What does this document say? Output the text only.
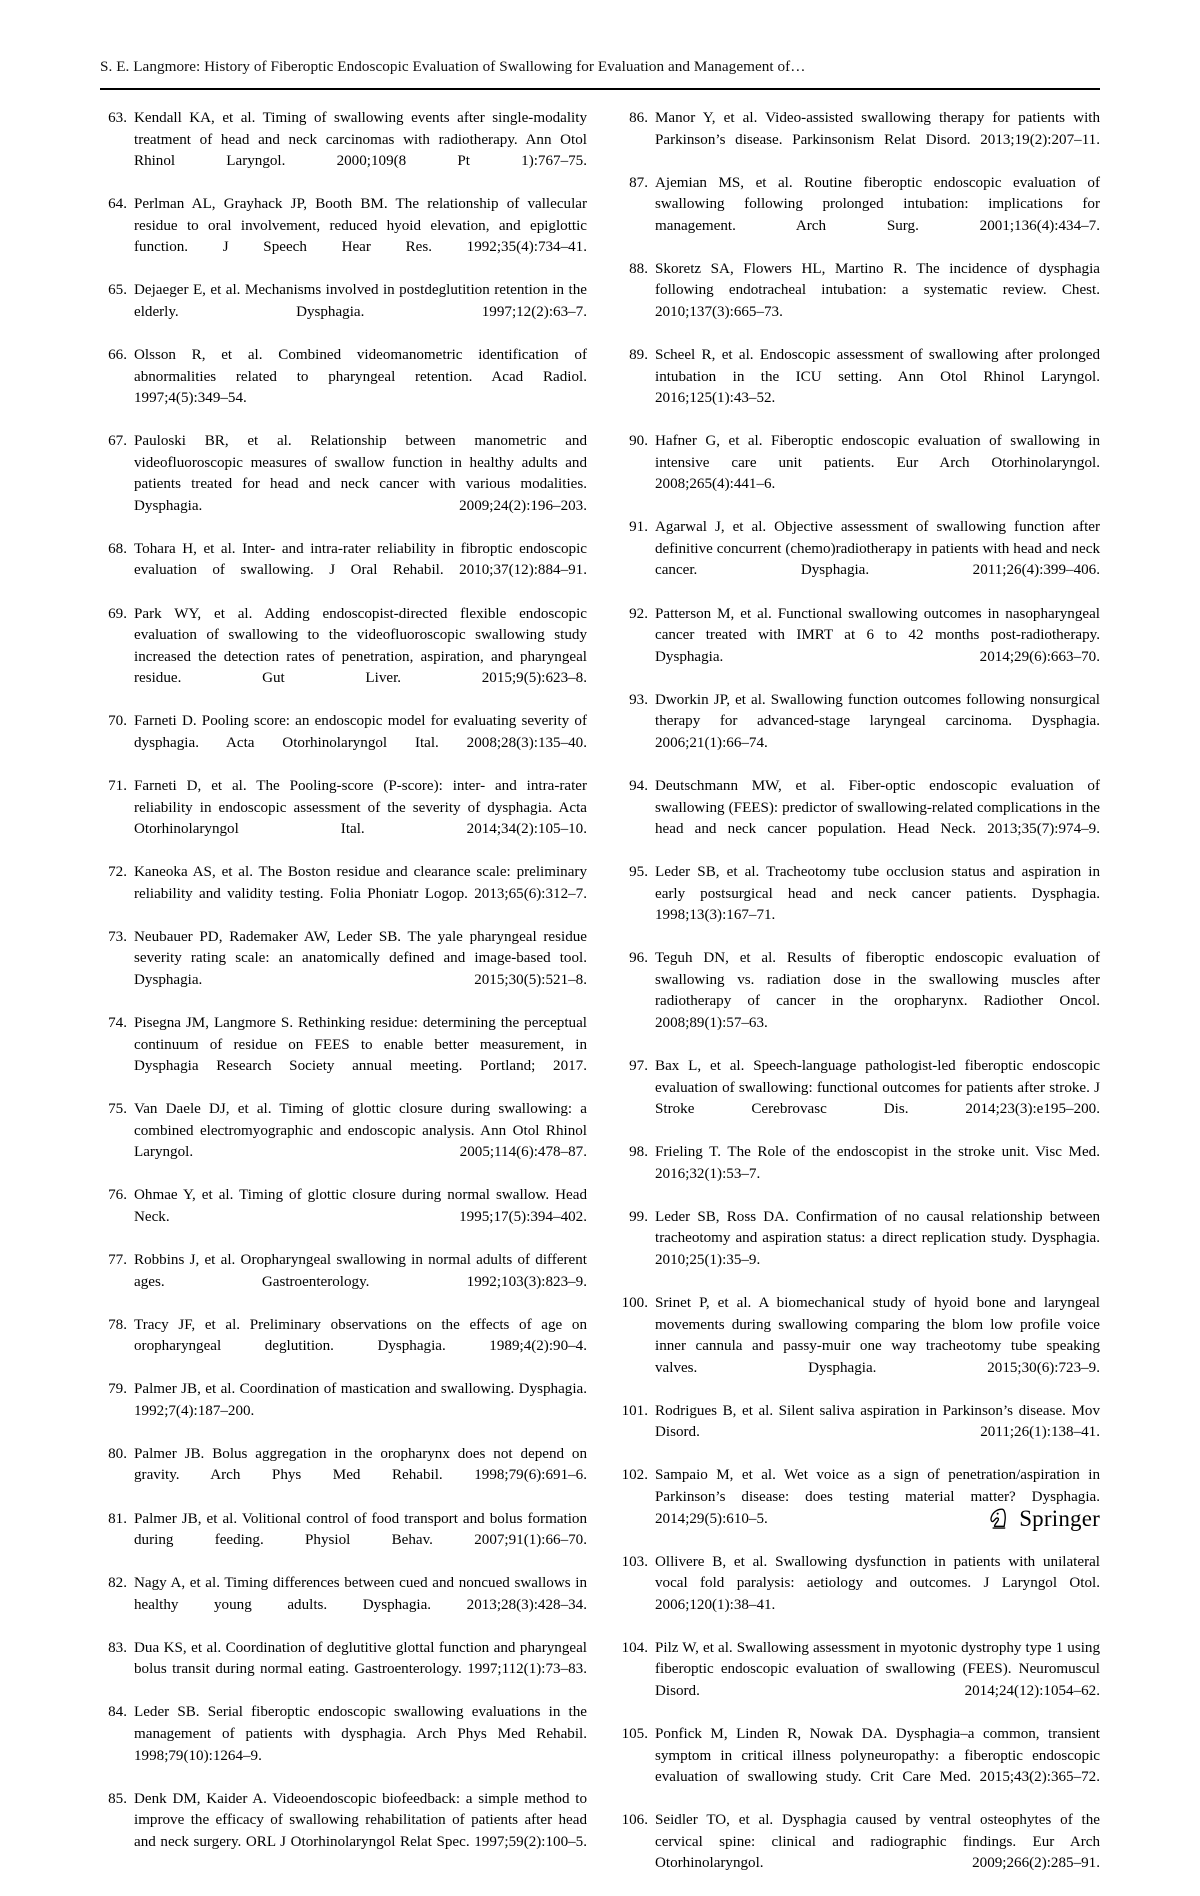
S. E. Langmore: History of Fiberoptic Endoscopic Evaluation of Swallowing for Evaluation and Management of…
63. Kendall KA, et al. Timing of swallowing events after single-modality treatment of head and neck carcinomas with radiotherapy. Ann Otol Rhinol Laryngol. 2000;109(8 Pt 1):767–75.
64. Perlman AL, Grayhack JP, Booth BM. The relationship of vallecular residue to oral involvement, reduced hyoid elevation, and epiglottic function. J Speech Hear Res. 1992;35(4):734–41.
65. Dejaeger E, et al. Mechanisms involved in postdeglutition retention in the elderly. Dysphagia. 1997;12(2):63–7.
66. Olsson R, et al. Combined videomanometric identification of abnormalities related to pharyngeal retention. Acad Radiol. 1997;4(5):349–54.
67. Pauloski BR, et al. Relationship between manometric and videofluoroscopic measures of swallow function in healthy adults and patients treated for head and neck cancer with various modalities. Dysphagia. 2009;24(2):196–203.
68. Tohara H, et al. Inter- and intra-rater reliability in fibroptic endoscopic evaluation of swallowing. J Oral Rehabil. 2010;37(12):884–91.
69. Park WY, et al. Adding endoscopist-directed flexible endoscopic evaluation of swallowing to the videofluoroscopic swallowing study increased the detection rates of penetration, aspiration, and pharyngeal residue. Gut Liver. 2015;9(5):623–8.
70. Farneti D. Pooling score: an endoscopic model for evaluating severity of dysphagia. Acta Otorhinolaryngol Ital. 2008;28(3):135–40.
71. Farneti D, et al. The Pooling-score (P-score): inter- and intra-rater reliability in endoscopic assessment of the severity of dysphagia. Acta Otorhinolaryngol Ital. 2014;34(2):105–10.
72. Kaneoka AS, et al. The Boston residue and clearance scale: preliminary reliability and validity testing. Folia Phoniatr Logop. 2013;65(6):312–7.
73. Neubauer PD, Rademaker AW, Leder SB. The yale pharyngeal residue severity rating scale: an anatomically defined and image-based tool. Dysphagia. 2015;30(5):521–8.
74. Pisegna JM, Langmore S. Rethinking residue: determining the perceptual continuum of residue on FEES to enable better measurement, in Dysphagia Research Society annual meeting. Portland; 2017.
75. Van Daele DJ, et al. Timing of glottic closure during swallowing: a combined electromyographic and endoscopic analysis. Ann Otol Rhinol Laryngol. 2005;114(6):478–87.
76. Ohmae Y, et al. Timing of glottic closure during normal swallow. Head Neck. 1995;17(5):394–402.
77. Robbins J, et al. Oropharyngeal swallowing in normal adults of different ages. Gastroenterology. 1992;103(3):823–9.
78. Tracy JF, et al. Preliminary observations on the effects of age on oropharyngeal deglutition. Dysphagia. 1989;4(2):90–4.
79. Palmer JB, et al. Coordination of mastication and swallowing. Dysphagia. 1992;7(4):187–200.
80. Palmer JB. Bolus aggregation in the oropharynx does not depend on gravity. Arch Phys Med Rehabil. 1998;79(6):691–6.
81. Palmer JB, et al. Volitional control of food transport and bolus formation during feeding. Physiol Behav. 2007;91(1):66–70.
82. Nagy A, et al. Timing differences between cued and noncued swallows in healthy young adults. Dysphagia. 2013;28(3):428–34.
83. Dua KS, et al. Coordination of deglutitive glottal function and pharyngeal bolus transit during normal eating. Gastroenterology. 1997;112(1):73–83.
84. Leder SB. Serial fiberoptic endoscopic swallowing evaluations in the management of patients with dysphagia. Arch Phys Med Rehabil. 1998;79(10):1264–9.
85. Denk DM, Kaider A. Videoendoscopic biofeedback: a simple method to improve the efficacy of swallowing rehabilitation of patients after head and neck surgery. ORL J Otorhinolaryngol Relat Spec. 1997;59(2):100–5.
86. Manor Y, et al. Video-assisted swallowing therapy for patients with Parkinson’s disease. Parkinsonism Relat Disord. 2013;19(2):207–11.
87. Ajemian MS, et al. Routine fiberoptic endoscopic evaluation of swallowing following prolonged intubation: implications for management. Arch Surg. 2001;136(4):434–7.
88. Skoretz SA, Flowers HL, Martino R. The incidence of dysphagia following endotracheal intubation: a systematic review. Chest. 2010;137(3):665–73.
89. Scheel R, et al. Endoscopic assessment of swallowing after prolonged intubation in the ICU setting. Ann Otol Rhinol Laryngol. 2016;125(1):43–52.
90. Hafner G, et al. Fiberoptic endoscopic evaluation of swallowing in intensive care unit patients. Eur Arch Otorhinolaryngol. 2008;265(4):441–6.
91. Agarwal J, et al. Objective assessment of swallowing function after definitive concurrent (chemo)radiotherapy in patients with head and neck cancer. Dysphagia. 2011;26(4):399–406.
92. Patterson M, et al. Functional swallowing outcomes in nasopharyngeal cancer treated with IMRT at 6 to 42 months post-radiotherapy. Dysphagia. 2014;29(6):663–70.
93. Dworkin JP, et al. Swallowing function outcomes following nonsurgical therapy for advanced-stage laryngeal carcinoma. Dysphagia. 2006;21(1):66–74.
94. Deutschmann MW, et al. Fiber-optic endoscopic evaluation of swallowing (FEES): predictor of swallowing-related complications in the head and neck cancer population. Head Neck. 2013;35(7):974–9.
95. Leder SB, et al. Tracheotomy tube occlusion status and aspiration in early postsurgical head and neck cancer patients. Dysphagia. 1998;13(3):167–71.
96. Teguh DN, et al. Results of fiberoptic endoscopic evaluation of swallowing vs. radiation dose in the swallowing muscles after radiotherapy of cancer in the oropharynx. Radiother Oncol. 2008;89(1):57–63.
97. Bax L, et al. Speech-language pathologist-led fiberoptic endoscopic evaluation of swallowing: functional outcomes for patients after stroke. J Stroke Cerebrovasc Dis. 2014;23(3):e195–200.
98. Frieling T. The Role of the endoscopist in the stroke unit. Visc Med. 2016;32(1):53–7.
99. Leder SB, Ross DA. Confirmation of no causal relationship between tracheotomy and aspiration status: a direct replication study. Dysphagia. 2010;25(1):35–9.
100. Srinet P, et al. A biomechanical study of hyoid bone and laryngeal movements during swallowing comparing the blom low profile voice inner cannula and passy-muir one way tracheotomy tube speaking valves. Dysphagia. 2015;30(6):723–9.
101. Rodrigues B, et al. Silent saliva aspiration in Parkinson’s disease. Mov Disord. 2011;26(1):138–41.
102. Sampaio M, et al. Wet voice as a sign of penetration/aspiration in Parkinson’s disease: does testing material matter? Dysphagia. 2014;29(5):610–5.
103. Ollivere B, et al. Swallowing dysfunction in patients with unilateral vocal fold paralysis: aetiology and outcomes. J Laryngol Otol. 2006;120(1):38–41.
104. Pilz W, et al. Swallowing assessment in myotonic dystrophy type 1 using fiberoptic endoscopic evaluation of swallowing (FEES). Neuromuscul Disord. 2014;24(12):1054–62.
105. Ponfick M, Linden R, Nowak DA. Dysphagia–a common, transient symptom in critical illness polyneuropathy: a fiberoptic endoscopic evaluation of swallowing study. Crit Care Med. 2015;43(2):365–72.
106. Seidler TO, et al. Dysphagia caused by ventral osteophytes of the cervical spine: clinical and radiographic findings. Eur Arch Otorhinolaryngol. 2009;266(2):285–91.
Springer
